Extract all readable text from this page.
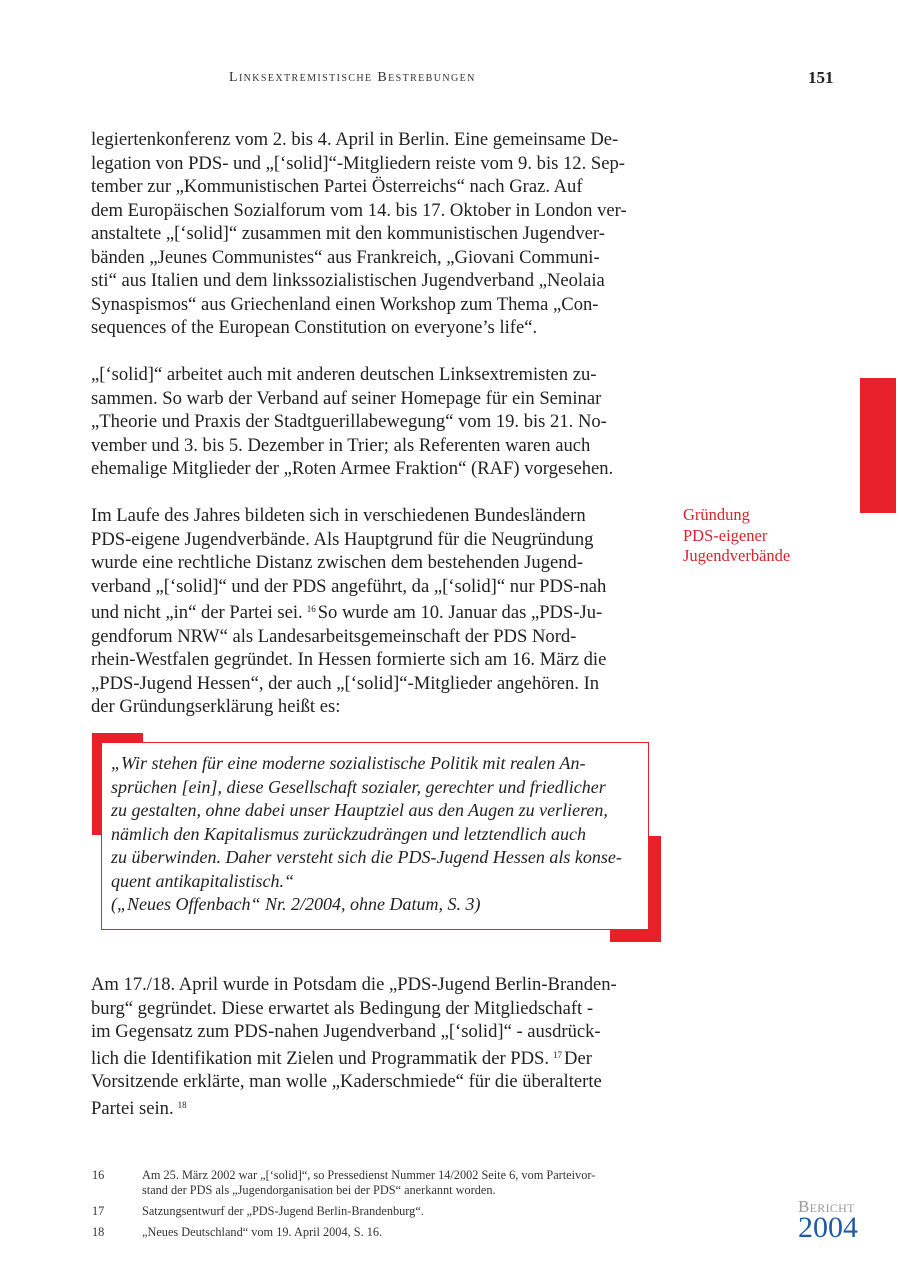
Linksextremistische Bestrebungen	151

legiertenkonferenz vom 2. bis 4. April in Berlin. Eine gemeinsame De-
legation von PDS- und „[‘solid]“-Mitgliedern reiste vom 9. bis 12. Sep-
tember zur „Kommunistischen Partei Österreichs“ nach Graz. Auf
dem Europäischen Sozialforum vom 14. bis 17. Oktober in London ver-
anstaltete „[‘solid]“ zusammen mit den kommunistischen Jugendver-
bänden „Jeunes Communistes“ aus Frankreich, „Giovani Communi-
sti“ aus Italien und dem linkssozialistischen Jugendverband „Neolaia
Synaspismos“ aus Griechenland einen Workshop zum Thema „Con-
sequences of the European Constitution on everyone’s life“.

„[‘solid]“ arbeitet auch mit anderen deutschen Linksextremisten zu-
sammen. So warb der Verband auf seiner Homepage für ein Seminar
„Theorie und Praxis der Stadtguerillabewegung“ vom 19. bis 21. No-
vember und 3. bis 5. Dezember in Trier; als Referenten waren auch
ehemalige Mitglieder der „Roten Armee Fraktion“ (RAF) vorgesehen.

Im Laufe des Jahres bildeten sich in verschiedenen Bundesländern
PDS-eigene Jugendverbände. Als Hauptgrund für die Neugründung
wurde eine rechtliche Distanz zwischen dem bestehenden Jugend-
verband „[‘solid]“ und der PDS angeführt, da „[‘solid]“ nur PDS-nah
und nicht „in“ der Partei sei. $^{16}$ So wurde am 10. Januar das „PDS-Ju-
gendforum NRW“ als Landesarbeitsgemeinschaft der PDS Nord-
rhein-Westfalen gegründet. In Hessen formierte sich am 16. März die
„PDS-Jugend Hessen“, der auch „[‘solid]“-Mitglieder angehören. In
der Gründungserklärung heißt es:

Gründung
PDS-eigener
Jugendverbände
„Wir stehen für eine moderne sozialistische Politik mit realen An-
sprüchen [ein], diese Gesellschaft sozialer, gerechter und friedlicher
zu gestalten, ohne dabei unser Hauptziel aus den Augen zu verlieren,
nämlich den Kapitalismus zurückzudrängen und letztendlich auch
zu überwinden. Daher versteht sich die PDS-Jugend Hessen als konse-
quent antikapitalistisch.“
(„Neues Offenbach“ Nr. 2/2004, ohne Datum, S. 3)

Am 17./18. April wurde in Potsdam die „PDS-Jugend Berlin-Branden-
burg“ gegründet. Diese erwartet als Bedingung der Mitgliedschaft -
im Gegensatz zum PDS-nahen Jugendverband „[‘solid]“ - ausdrück-
lich die Identifikation mit Zielen und Programmatik der PDS. $^{17}$ Der
Vorsitzende erklärte, man wolle „Kaderschmiede“ für die überalterte
Partei sein. $^{18}$

16	Am 25. März 2002 war „[‘solid]“, so Pressedienst Nummer 14/2002 Seite 6, vom Parteivor-
stand der PDS als „Jugendorganisation bei der PDS“ anerkannt worden.
17	Satzungsentwurf der „PDS-Jugend Berlin-Brandenburg“.
18	„Neues Deutschland“ vom 19. April 2004, S. 16.
Bericht
2004
